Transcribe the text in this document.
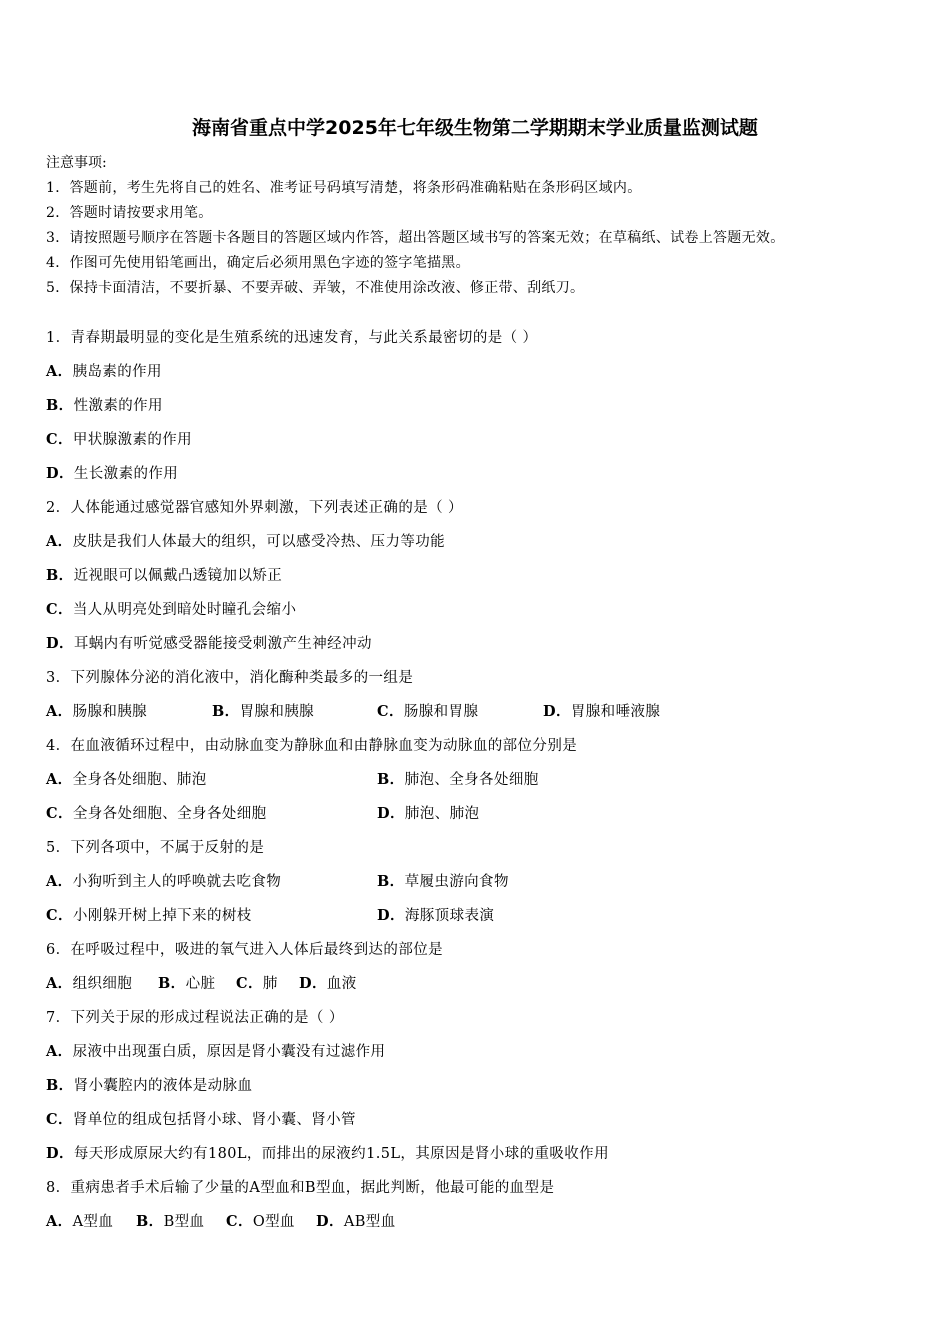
海南省重点中学2025年七年级生物第二学期期末学业质量监测试题
注意事项:
1．答题前，考生先将自己的姓名、准考证号码填写清楚，将条形码准确粘贴在条形码区域内。
2．答题时请按要求用笔。
3．请按照题号顺序在答题卡各题目的答题区域内作答，超出答题区域书写的答案无效；在草稿纸、试卷上答题无效。
4．作图可先使用铅笔画出，确定后必须用黑色字迹的签字笔描黑。
5．保持卡面清洁，不要折暴、不要弄破、弄皱，不准使用涂改液、修正带、刮纸刀。
1．青春期最明显的变化是生殖系统的迅速发育，与此关系最密切的是（ ）
A．胰岛素的作用
B．性激素的作用
C．甲状腺激素的作用
D．生长激素的作用
2．人体能通过感觉器官感知外界刺激，下列表述正确的是（ ）
A．皮肤是我们人体最大的组织，可以感受冷热、压力等功能
B．近视眼可以佩戴凸透镜加以矫正
C．当人从明亮处到暗处时瞳孔会缩小
D．耳蜗内有听觉感受器能接受刺激产生神经冲动
3．下列腺体分泌的消化液中，消化酶种类最多的一组是
A．肠腺和胰腺	B．胃腺和胰腺	C．肠腺和胃腺	D．胃腺和唾液腺
4．在血液循环过程中，由动脉血变为静脉血和由静脉血变为动脉血的部位分别是
A．全身各处细胞、肺泡	B．肺泡、全身各处细胞
C．全身各处细胞、全身各处细胞	D．肺泡、肺泡
5．下列各项中，不属于反射的是
A．小狗听到主人的呼唤就去吃食物	B．草履虫游向食物
C．小刚躲开树上掉下来的树枝	D．海豚顶球表演
6．在呼吸过程中，吸进的氧气进入人体后最终到达的部位是
A．组织细胞 B．心脏 C．肺 D．血液
7．下列关于尿的形成过程说法正确的是（ ）
A．尿液中出现蛋白质，原因是肾小囊没有过滤作用
B．肾小囊腔内的液体是动脉血
C．肾单位的组成包括肾小球、肾小囊、肾小管
D．每天形成原尿大约有180L，而排出的尿液约1.5L，其原因是肾小球的重吸收作用
8．重病患者手术后输了少量的A型血和B型血，据此判断，他最可能的血型是
A．A型血 B．B型血 C．O型血 D．AB型血
